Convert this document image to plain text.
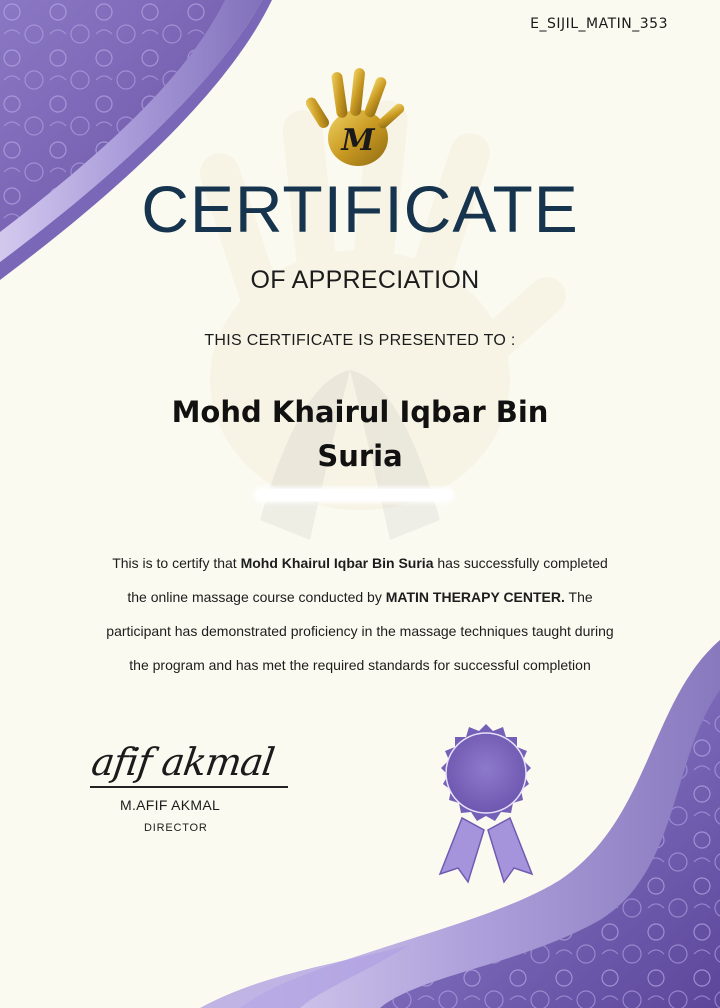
E_SIJIL_MATIN_353
M
CERTIFICATE
OF APPRECIATION
THIS CERTIFICATE IS PRESENTED TO :
Mohd Khairul Iqbar Bin
Suria
This is to certify that Mohd Khairul Iqbar Bin Suria has successfully completed
the online massage course conducted by MATIN THERAPY CENTER. The
participant has demonstrated proficiency in the massage techniques taught during
the program and has met the required standards for successful completion
afif akmal
M.AFIF AKMAL
DIRECTOR
